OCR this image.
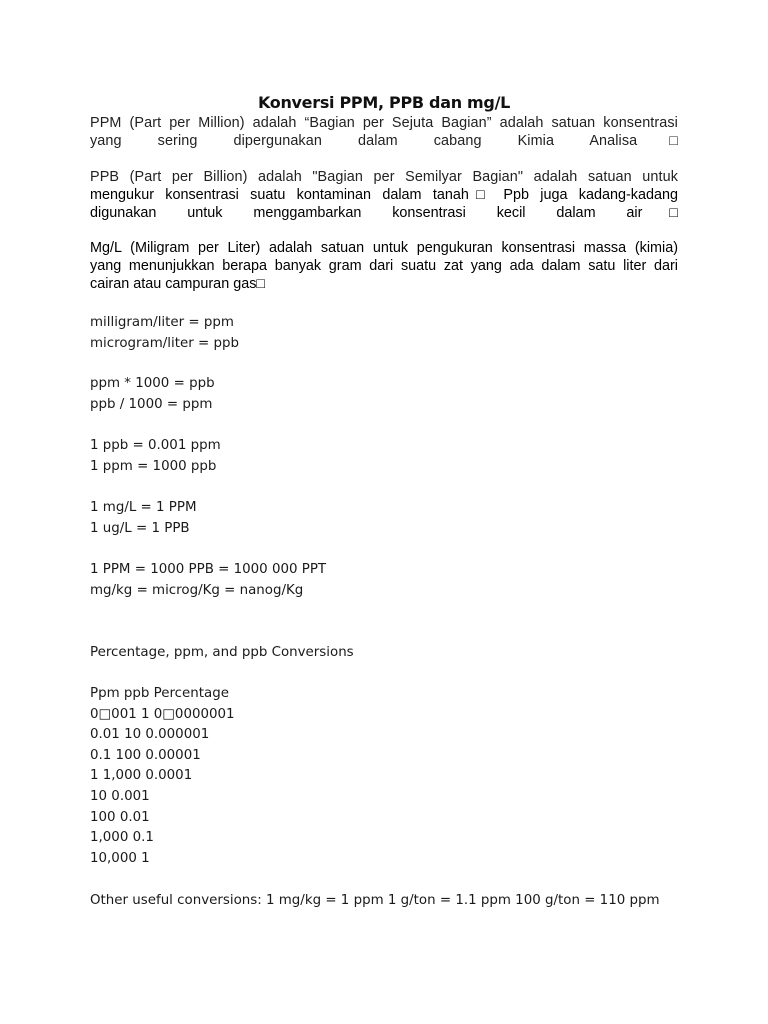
Konversi PPM, PPB dan mg/L
PPM (Part per Million) adalah “Bagian per Sejuta Bagian” adalah satuan konsentrasi
yang sering dipergunakan dalam cabang Kimia Analisa□
PPB (Part per Billion) adalah "Bagian per Semilyar Bagian" adalah satuan untuk
mengukur konsentrasi suatu kontaminan dalam tanah□ Ppb juga kadang-kadang
digunakan untuk menggambarkan konsentrasi kecil dalam air□
Mg/L (Miligram per Liter) adalah satuan untuk pengukuran konsentrasi massa (kimia)
yang menunjukkan berapa banyak gram dari suatu zat yang ada dalam satu liter dari
cairan atau campuran gas□
milligram/liter = ppm
microgram/liter = ppb
ppm * 1000 = ppb
ppb / 1000 = ppm
1 ppb = 0.001 ppm
1 ppm = 1000 ppb
1 mg/L = 1 PPM
1 ug/L = 1 PPB
1 PPM = 1000 PPB = 1000 000 PPT
mg/kg = microg/Kg = nanog/Kg
Percentage, ppm, and ppb Conversions
Ppm ppb Percentage
0□001 1 0□0000001
0.01 10 0.000001
0.1 100 0.00001
1 1,000 0.0001
10 0.001
100 0.01
1,000 0.1
10,000 1
Other useful conversions: 1 mg/kg = 1 ppm 1 g/ton = 1.1 ppm 100 g/ton = 110 ppm
